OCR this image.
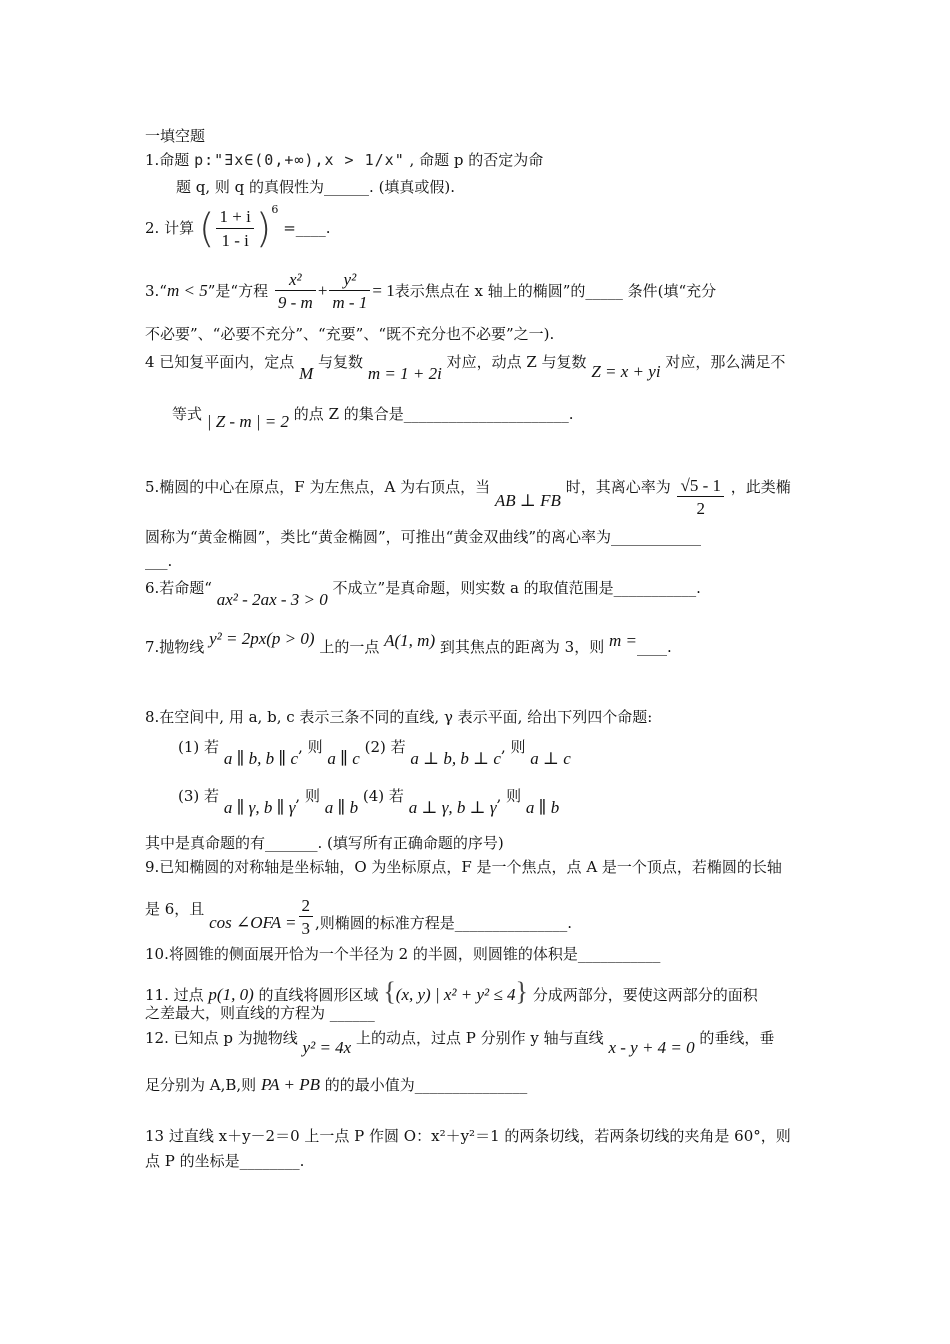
一填空题
1.命题 p:"∃x∈(0,+∞),x > 1/x" , 命题 p 的否定为命
题 q, 则 q 的真假性为______. (填真或假).
2. 计算 ( $\frac{1 + i}{1 - i} )^6$ =____.
3.“m < 5”是“方程 $\frac{\text{x²}}{9 - m} + \frac{\text{y²}}{m - 1} = 1$表示焦点在 x 轴上的椭圆”的_____ 条件(填“充分
不必要”、“必要不充分”、“充要”、“既不充分也不必要”之一).
4 已知复平面内，定点 M 与复数 m = 1 + 2i 对应，动点 Z 与复数 Z = x + yi 对应，那么满足不
等式 | Z - m | = 2 的点 Z 的集合是______________________.
5.椭圆的中心在原点，F 为左焦点，A 为右顶点，当 AB ⊥ FB 时，其离心率为 $\frac{√5 - 1}{2}$ ，此类椭
圆称为“黄金椭圆”，类比“黄金椭圆”，可推出“黄金双曲线”的离心率为____________
___.
6.若命题“ ax² - 2ax - 3 > 0 不成立”是真命题，则实数 a 的取值范围是___________.
7.抛物线 y² = 2px(p > 0) 上的一点 A(1, m) 到其焦点的距离为 3，则 m =____.
8.在空间中, 用 a, b, c 表示三条不同的直线, γ 表示平面, 给出下列四个命题:
(1) 若 a ∥ b, b ∥ c, 则 a ∥ c (2) 若 a ⊥ b, b ⊥ c, 则 a ⊥ c
(3) 若 a ∥ γ, b ∥ γ, 则 a ∥ b (4) 若 a ⊥ γ, b ⊥ γ, 则 a ∥ b
其中是真命题的有_______. (填写所有正确命题的序号)
9.已知椭圆的对称轴是坐标轴，O 为坐标原点，F 是一个焦点，点 A 是一个顶点，若椭圆的长轴
是 6，且 cos ∠OFA = $\frac{2}{3}$ ,则椭圆的标准方程是_______________.
10.将圆锥的侧面展开恰为一个半径为 2 的半圆，则圆锥的体积是___________
11. 过点 p(1, 0) 的直线将圆形区域 {(x, y) | x² + y² ≤ 4} 分成两部分，要使这两部分的面积
之差最大，则直线的方程为 ______
12. 已知点 p 为抛物线 y² = 4x 上的动点，过点 P 分别作 y 轴与直线 x - y + 4 = 0 的垂线，垂
足分别为 A,B,则 PA + PB 的的最小值为_______________
13 过直线 x＋y－2＝0 上一点 P 作圆 O：x²＋y²＝1 的两条切线，若两条切线的夹角是 60°，则
点 P 的坐标是________.
